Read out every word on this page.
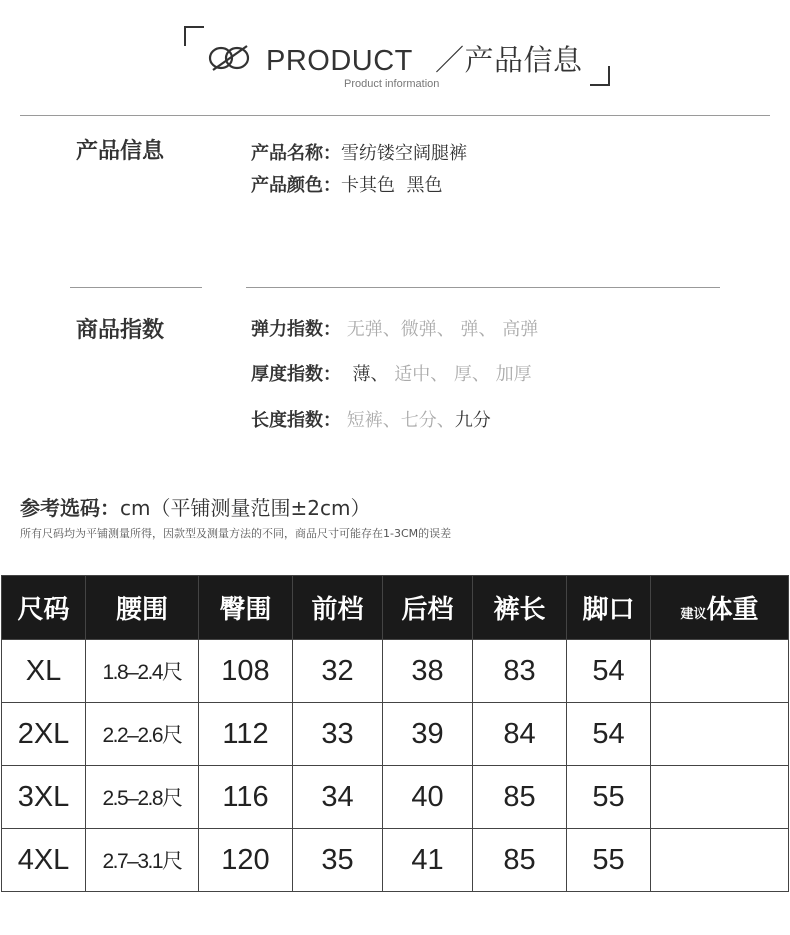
PRODUCT ／产品信息
Product information
产品信息	产品名称：雪纺镂空阔腿裤
产品颜色：卡其色  黑色
商品指数	弹力指数： 无弹、微弹、 弹、 高弹
厚度指数：  薄、 适中、 厚、 加厚
长度指数： 短裤、七分、九分
参考选码：cm（平铺测量范围±2cm）
所有尺码均为平铺测量所得，因款型及测量方法的不同，商品尺寸可能存在1-3CM的误差
尺码	腰围	臀围	前档	后档	裤长	脚口	建议体重
XL	1.8–2.4尺	108	32	38	83	54	
2XL	2.2–2.6尺	112	33	39	84	54	
3XL	2.5–2.8尺	116	34	40	85	55	
4XL	2.7–3.1尺	120	35	41	85	55	
